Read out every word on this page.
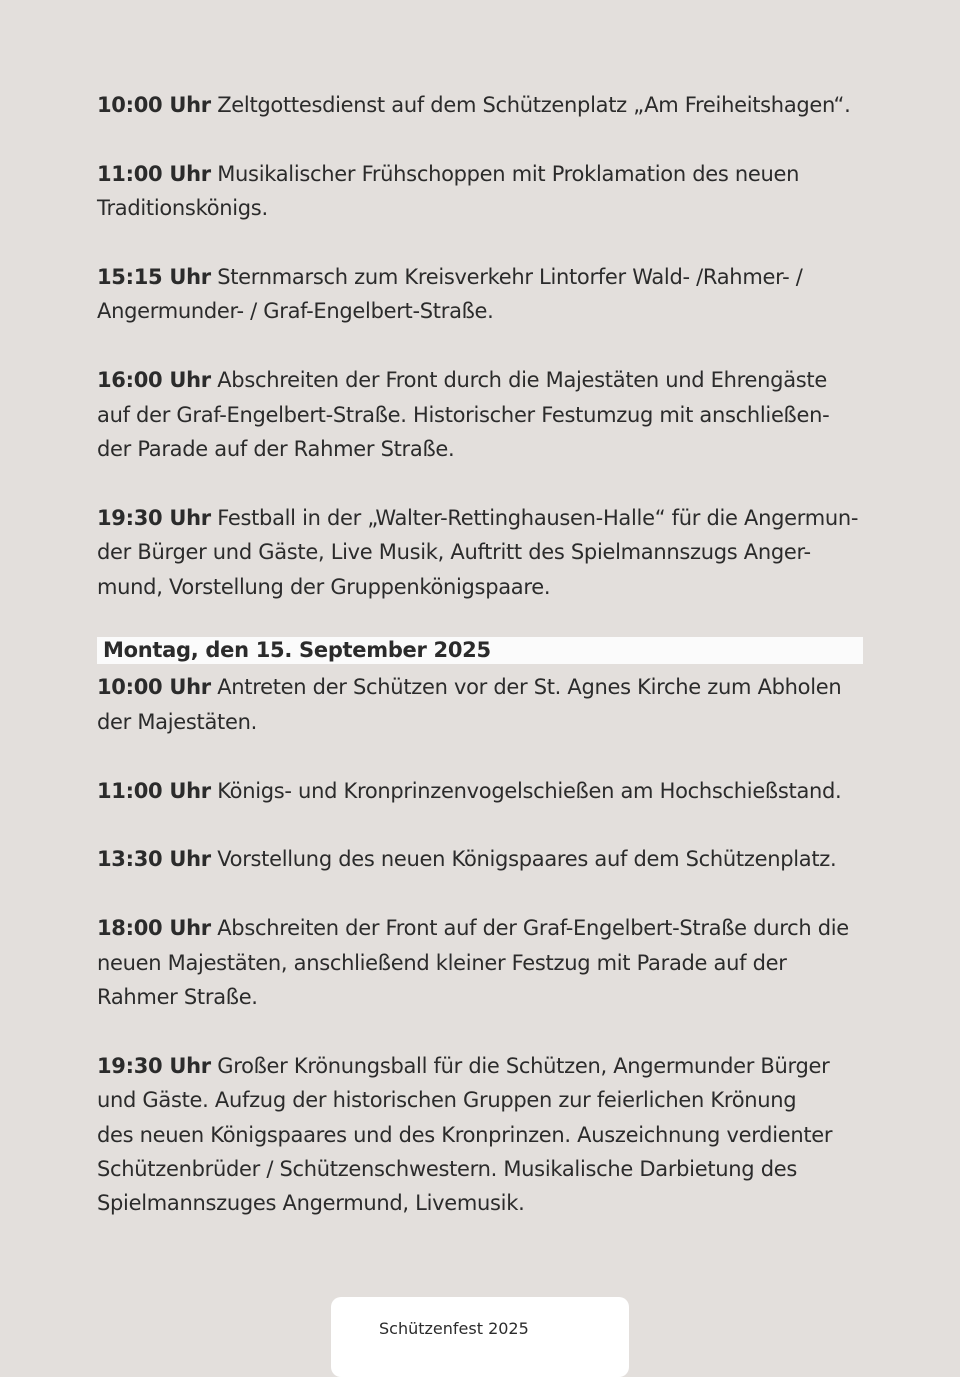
10:00 Uhr Zeltgottesdienst auf dem Schützenplatz „Am Freiheitshagen“.
11:00 Uhr Musikalischer Frühschoppen mit Proklamation des neuen
Traditionskönigs.
15:15 Uhr Sternmarsch zum Kreisverkehr Lintorfer Wald- /Rahmer- /
Angermunder- / Graf-Engelbert-Straße.
16:00 Uhr Abschreiten der Front durch die Majestäten und Ehrengäste
auf der Graf-Engelbert-Straße. Historischer Festumzug mit anschließen-
der Parade auf der Rahmer Straße.
19:30 Uhr Festball in der „Walter-Rettinghausen-Halle“ für die Angermun-
der Bürger und Gäste, Live Musik, Auftritt des Spielmannszugs Anger-
mund, Vorstellung der Gruppenkönigspaare.
Montag, den 15. September 2025
10:00 Uhr Antreten der Schützen vor der St. Agnes Kirche zum Abholen
der Majestäten.
11:00 Uhr Königs- und Kronprinzenvogelschießen am Hochschießstand.
13:30 Uhr Vorstellung des neuen Königspaares auf dem Schützenplatz.
18:00 Uhr Abschreiten der Front auf der Graf-Engelbert-Straße durch die
neuen Majestäten, anschließend kleiner Festzug mit Parade auf der
Rahmer Straße.
19:30 Uhr Großer Krönungsball für die Schützen, Angermunder Bürger
und Gäste. Aufzug der historischen Gruppen zur feierlichen Krönung
des neuen Königspaares und des Kronprinzen. Auszeichnung verdienter
Schützenbrüder / Schützenschwestern. Musikalische Darbietung des
Spielmannszuges Angermund, Livemusik.
Schützenfest 2025
